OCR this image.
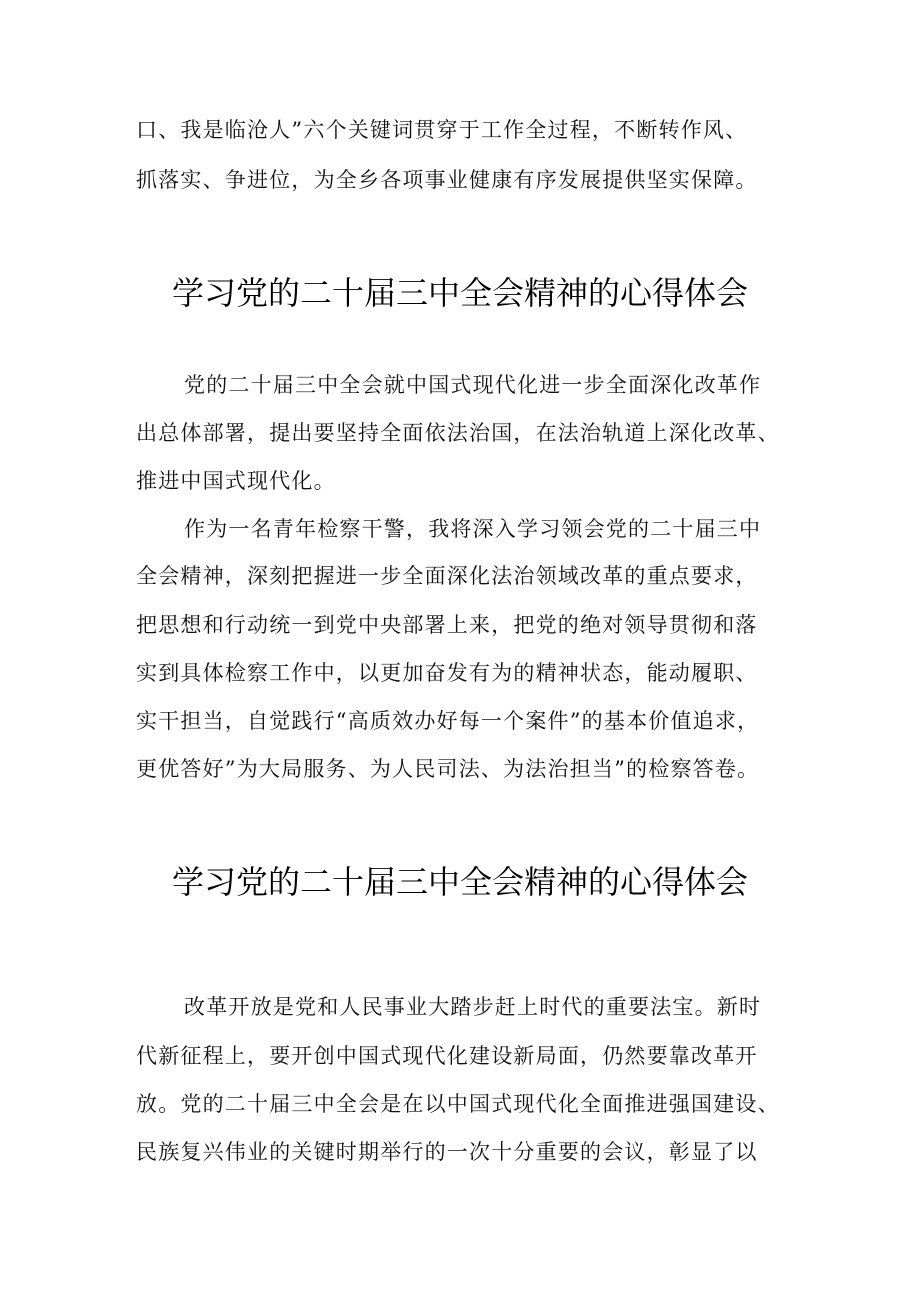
口、我是临沧人”六个关键词贯穿于工作全过程，不断转作风、
抓落实、争进位，为全乡各项事业健康有序发展提供坚实保障。
学习党的二十届三中全会精神的心得体会
党的二十届三中全会就中国式现代化进一步全面深化改革作
出总体部署，提出要坚持全面依法治国，在法治轨道上深化改革、
推进中国式现代化。
作为一名青年检察干警，我将深入学习领会党的二十届三中
全会精神，深刻把握进一步全面深化法治领域改革的重点要求，
把思想和行动统一到党中央部署上来，把党的绝对领导贯彻和落
实到具体检察工作中，以更加奋发有为的精神状态，能动履职、
实干担当，自觉践行“高质效办好每一个案件”的基本价值追求，
更优答好”为大局服务、为人民司法、为法治担当”的检察答卷。
学习党的二十届三中全会精神的心得体会
改革开放是党和人民事业大踏步赶上时代的重要法宝。新时
代新征程上，要开创中国式现代化建设新局面，仍然要靠改革开
放。党的二十届三中全会是在以中国式现代化全面推进强国建设、
民族复兴伟业的关键时期举行的一次十分重要的会议，彰显了以
